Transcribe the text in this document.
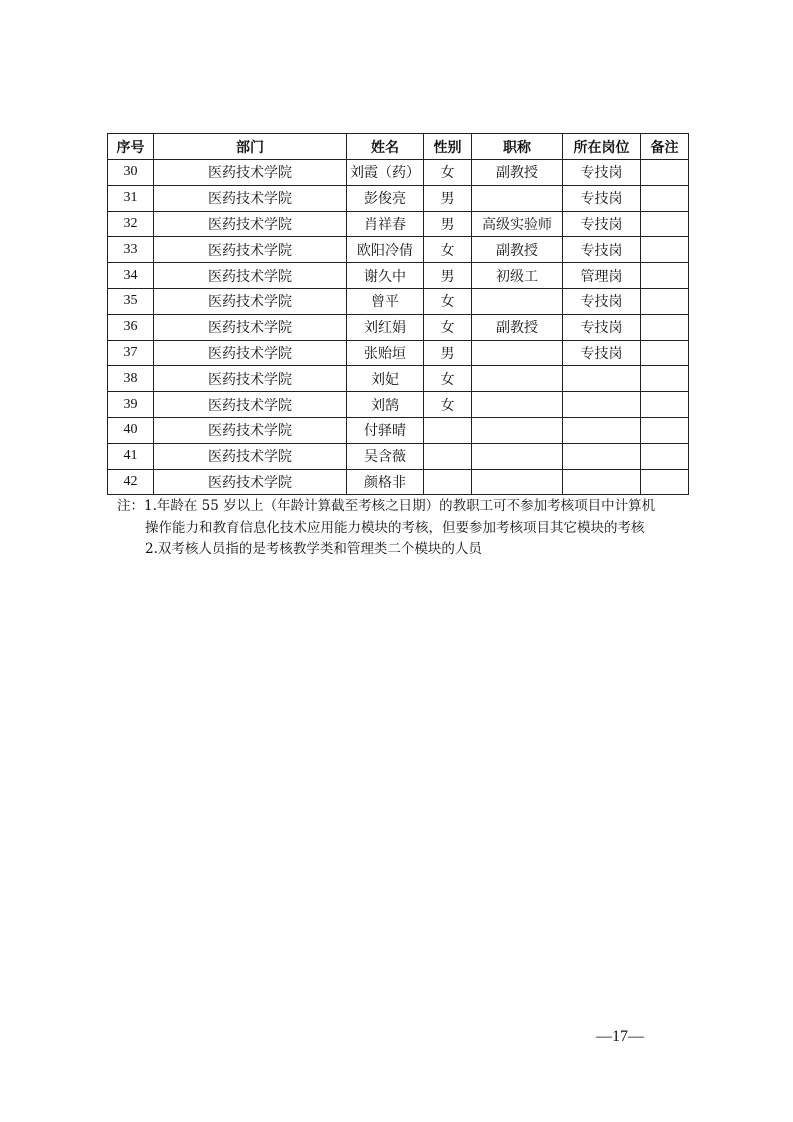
序号	部门	姓名	性别	职称	所在岗位	备注
30	医药技术学院	刘霞（药）	女	副教授	专技岗	
31	医药技术学院	彭俊亮	男		专技岗	
32	医药技术学院	肖祥春	男	高级实验师	专技岗	
33	医药技术学院	欧阳冷倩	女	副教授	专技岗	
34	医药技术学院	谢久中	男	初级工	管理岗	
35	医药技术学院	曾平	女		专技岗	
36	医药技术学院	刘红娟	女	副教授	专技岗	
37	医药技术学院	张贻垣	男		专技岗	
38	医药技术学院	刘妃	女			
39	医药技术学院	刘鹄	女			
40	医药技术学院	付驿晴				
41	医药技术学院	吴含薇				
42	医药技术学院	颜格非				
注：1.年龄在 55 岁以上（年龄计算截至考核之日期）的教职工可不参加考核项目中计算机
操作能力和教育信息化技术应用能力模块的考核，但要参加考核项目其它模块的考核
2.双考核人员指的是考核教学类和管理类二个模块的人员
—17—
